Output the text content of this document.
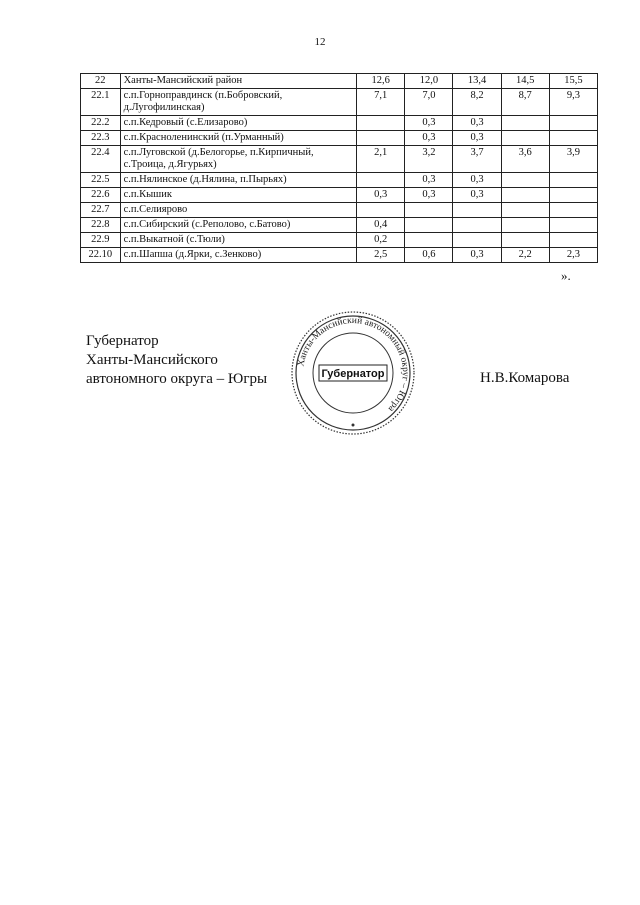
12
22	Ханты-Мансийский район	12,6	12,0	13,4	14,5	15,5
22.1	с.п.Горноправдинск (п.Бобровский, д.Лугофилинская)	7,1	7,0	8,2	8,7	9,3
22.2	с.п.Кедровый (с.Елизарово)		0,3	0,3		
22.3	с.п.Красноленинский (п.Урманный)		0,3	0,3		
22.4	с.п.Луговской (д.Белогорье, п.Кирпичный, с.Троица, д.Ягурьях)	2,1	3,2	3,7	3,6	3,9
22.5	с.п.Нялинское (д.Нялина, п.Пырьях)		0,3	0,3		
22.6	с.п.Кышик	0,3	0,3	0,3		
22.7	с.п.Селиярово					
22.8	с.п.Сибирский (с.Реполово, с.Батово)	0,4				
22.9	с.п.Выкатной (с.Тюли)	0,2				
22.10	с.п.Шапша (д.Ярки, с.Зенково)	2,5	0,6	0,3	2,2	2,3
».
Губернатор
Ханты-Мансийского
автономного округа – Югры
Ханты-Мансийский автономный округ – Югра
Губернатор	Н.В.Комарова
